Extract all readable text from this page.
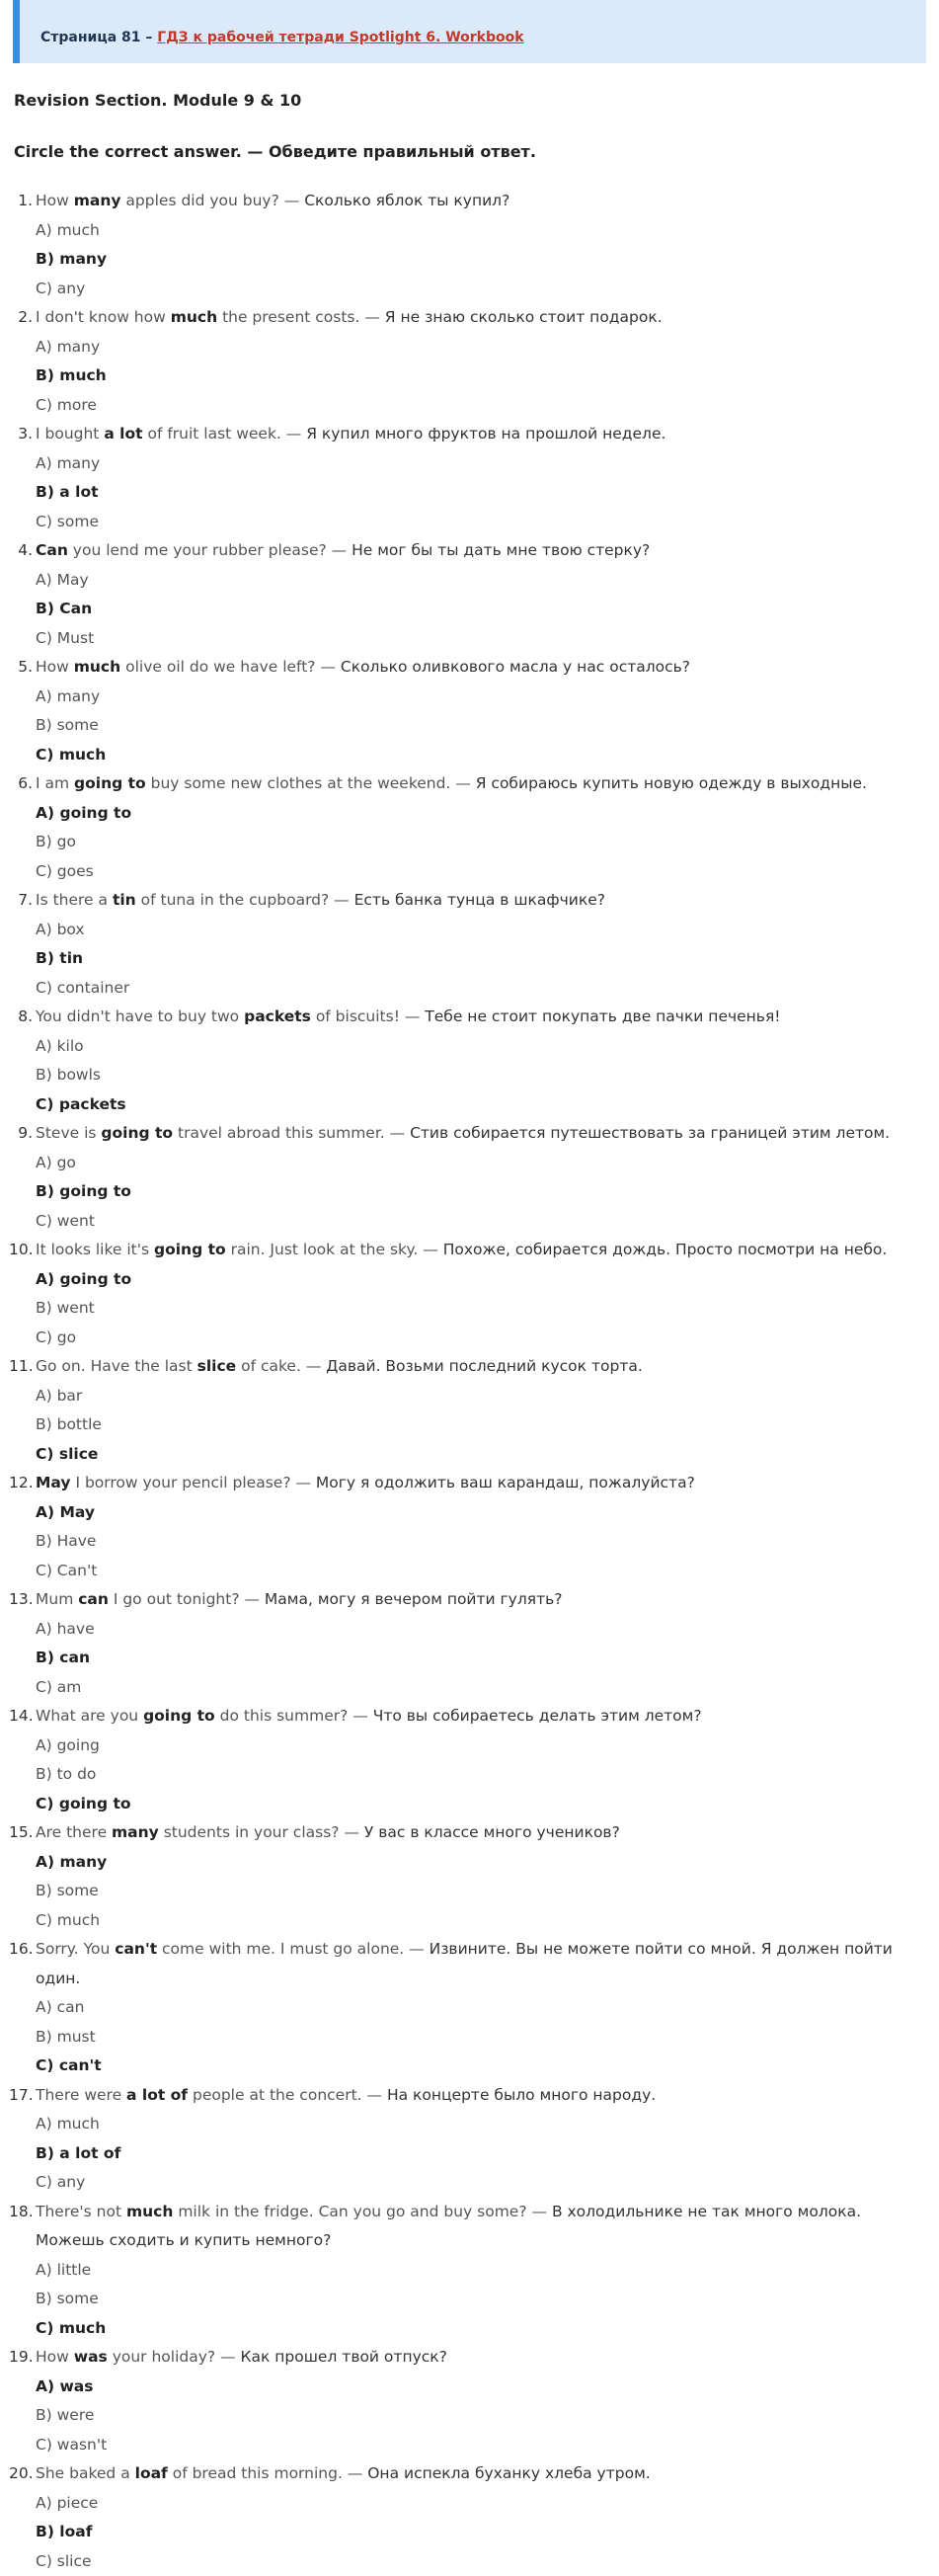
Страница 81 – ГДЗ к рабочей тетради Spotlight 6. Workbook
Revision Section. Module 9 & 10
Circle the correct answer. — Обведите правильный ответ.
1. How many apples did you buy? — Сколько яблок ты купил?

A) much

B) many

C) any

2. I don't know how much the present costs. — Я не знаю сколько стоит подарок.

A) many

B) much

C) more

3. I bought a lot of fruit last week. — Я купил много фруктов на прошлой неделе.

A) many

B) a lot

C) some

4. Can you lend me your rubber please? — Не мог бы ты дать мне твою стерку?

A) May

B) Can

C) Must

5. How much olive oil do we have left? — Сколько оливкового масла у нас осталось?

A) many

B) some

C) much

6. I am going to buy some new clothes at the weekend. — Я собираюсь купить новую одежду в выходные.

A) going to

B) go

C) goes

7. Is there a tin of tuna in the cupboard? — Есть банка тунца в шкафчике?

A) box

B) tin

C) container

8. You didn't have to buy two packets of biscuits! — Тебе не стоит покупать две пачки печенья!

A) kilo

B) bowls

C) packets

9. Steve is going to travel abroad this summer. — Стив собирается путешествовать за границей этим летом.

A) go

B) going to

C) went

10. It looks like it's going to rain. Just look at the sky. — Похоже, собирается дождь. Просто посмотри на небо.

A) going to

B) went

C) go

11. Go on. Have the last slice of cake. — Давай. Возьми последний кусок торта.

A) bar

B) bottle

C) slice

12. May I borrow your pencil please? — Могу я одолжить ваш карандаш, пожалуйста?

A) May

B) Have

C) Can't

13. Mum can I go out tonight? — Мама, могу я вечером пойти гулять?

A) have

B) can

C) am

14. What are you going to do this summer? — Что вы собираетесь делать этим летом?

A) going

B) to do

C) going to

15. Are there many students in your class? — У вас в классе много учеников?

A) many

B) some

C) much

16. Sorry. You can't come with me. I must go alone. — Извините. Вы не можете пойти со мной. Я должен пойти один.

A) can

B) must

C) can't

17. There were a lot of people at the concert. — На концерте было много народу.

A) much

B) a lot of

C) any

18. There's not much milk in the fridge. Can you go and buy some? — В холодильнике не так много молока. Можешь сходить и купить немного?

A) little

B) some

C) much

19. How was your holiday? — Как прошел твой отпуск?

A) was

B) were

C) wasn't

20. She baked a loaf of bread this morning. — Она испекла буханку хлеба утром.

A) piece

B) loaf

C) slice
